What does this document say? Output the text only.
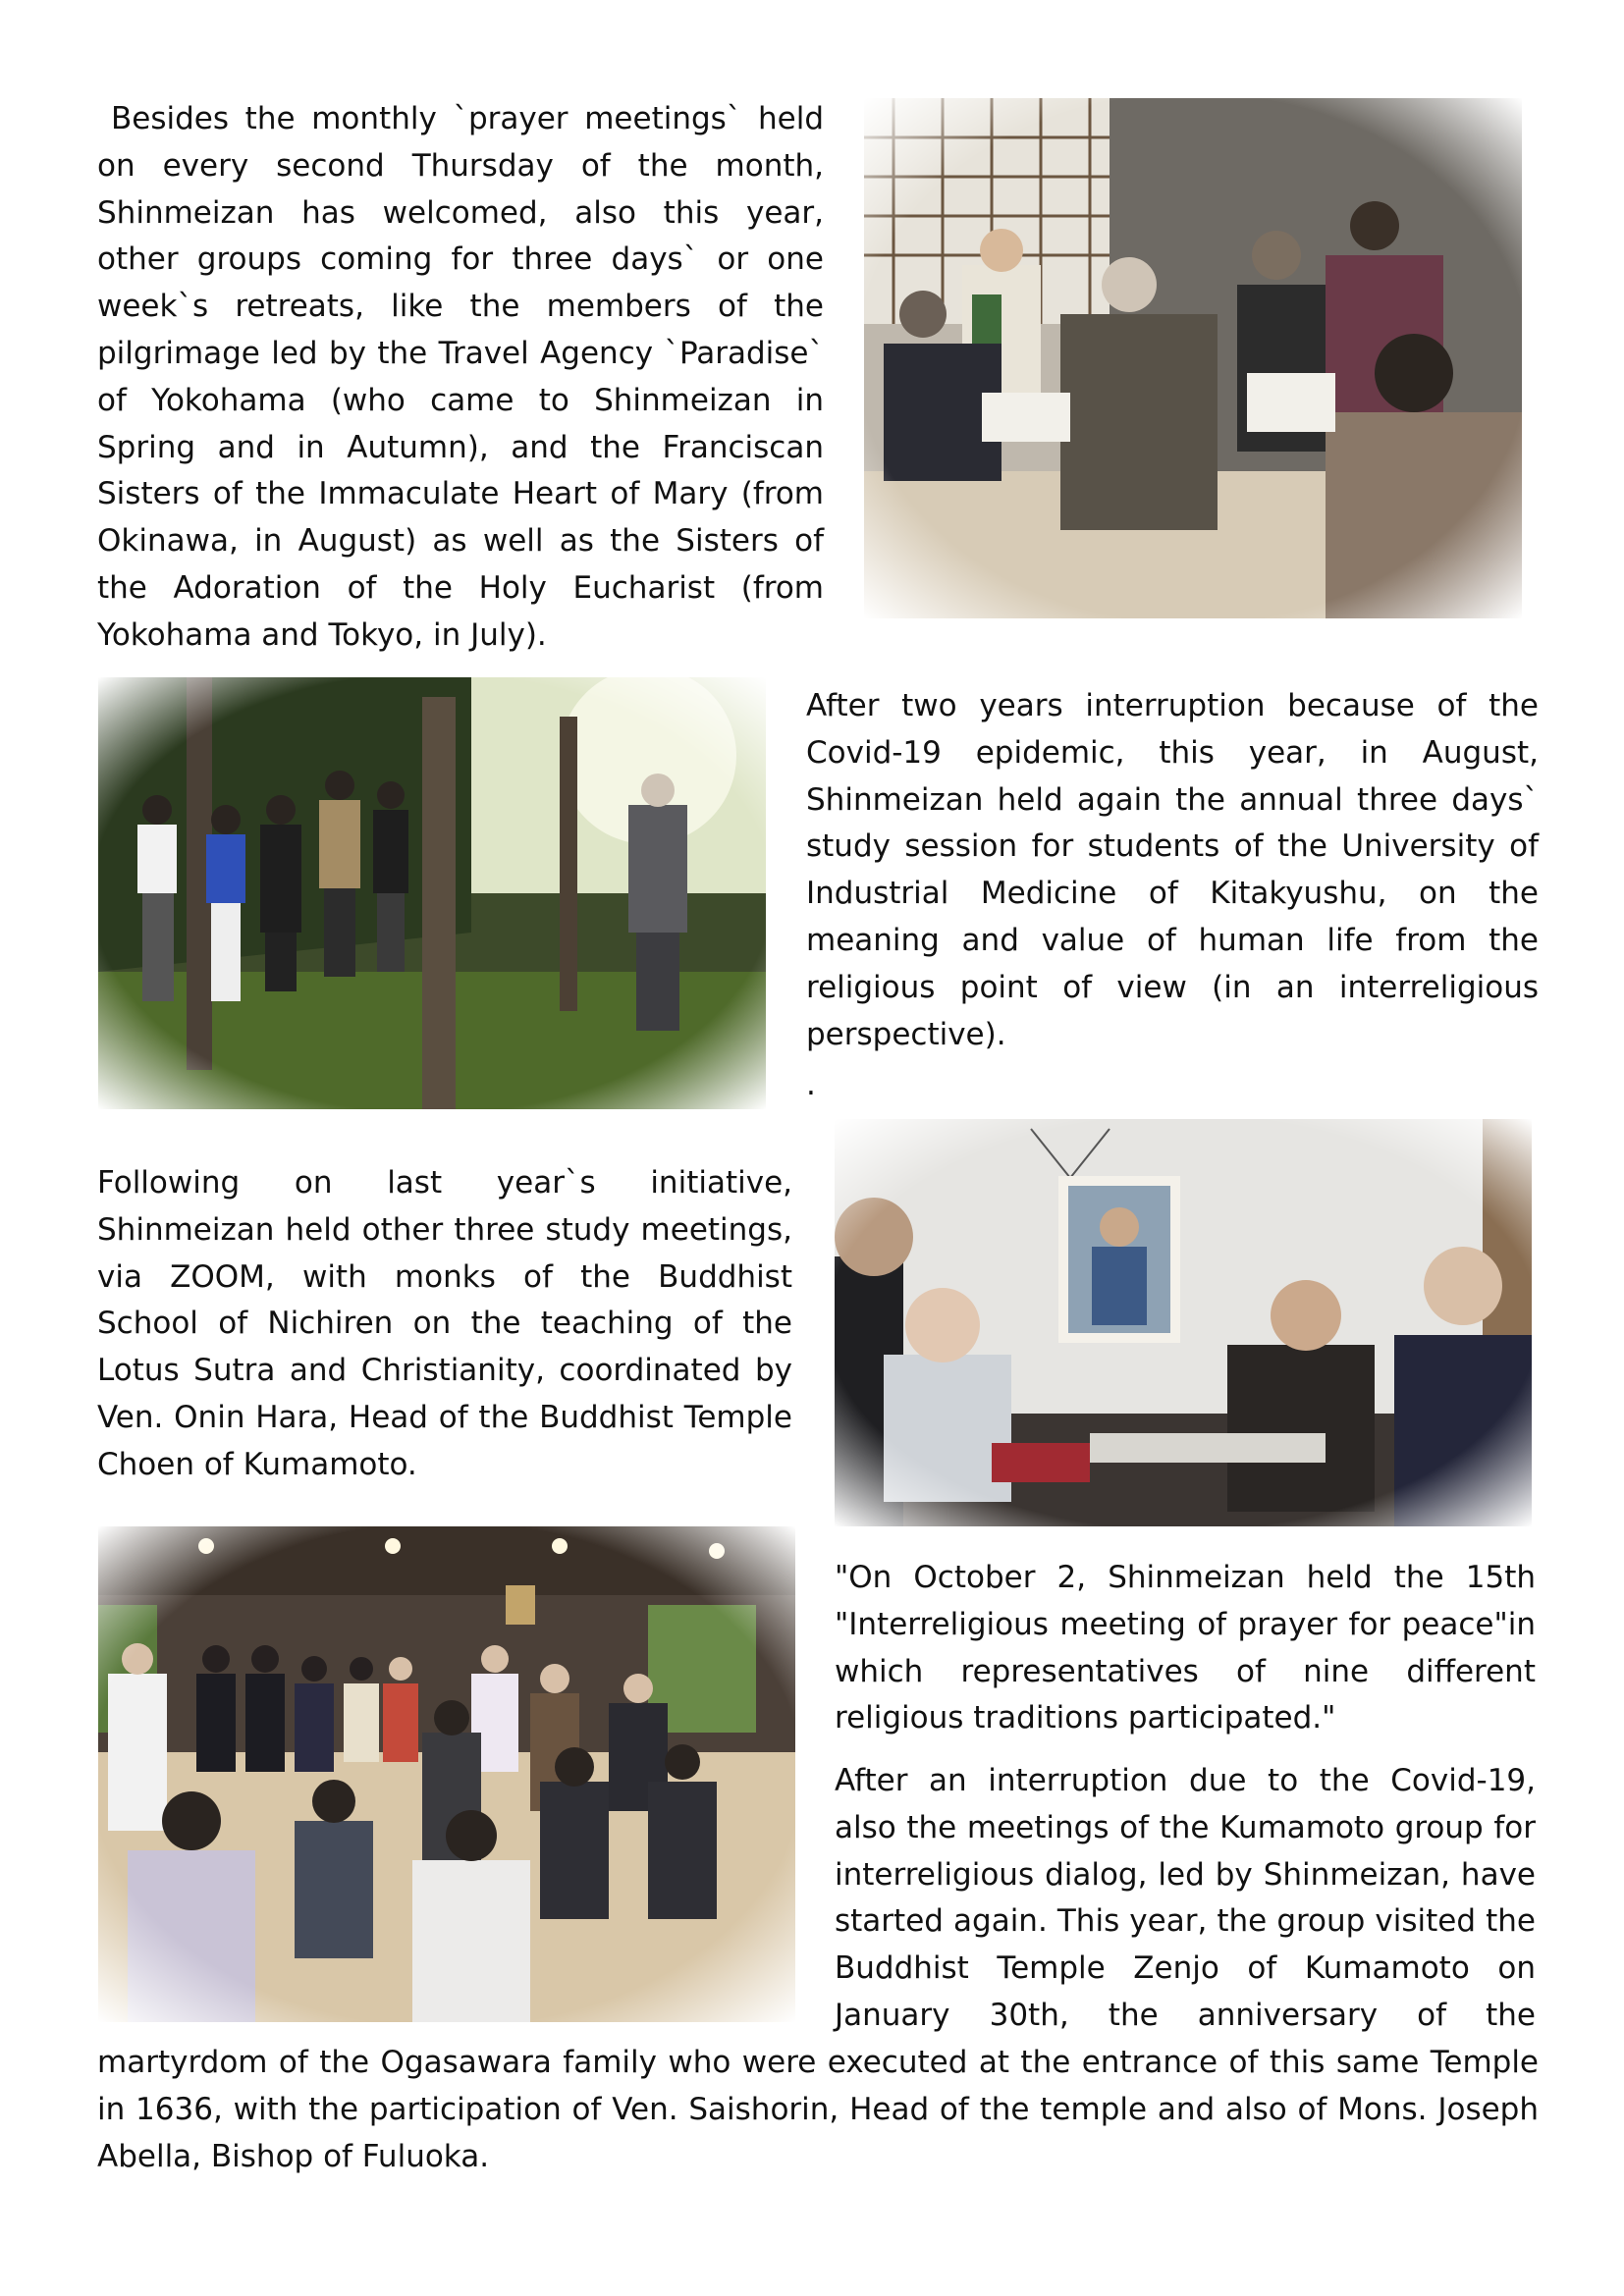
Besides the monthly `prayer meetings` held on every second Thursday of the month, Shinmeizan has welcomed, also this year, other groups coming for three days` or one week`s retreats, like the members of the pilgrimage led by the Travel Agency `Paradise` of Yokohama (who came to Shinmeizan in Spring and in Autumn), and the Franciscan Sisters of the Immaculate Heart of Mary (from Okinawa, in August) as well as the Sisters of the Adoration of the Holy Eucharist (from Yokohama and Tokyo, in July).

After two years interruption because of the Covid-19 epidemic, this year, in August, Shinmeizan held again the annual three days` study session for students of the University of Industrial Medicine of Kitakyushu, on the meaning and value of human life from the religious point of view (in an interreligious perspective).

.

Following on last year`s initiative, Shinmeizan held other three study meetings, via ZOOM, with monks of the Buddhist School of Nichiren on the teaching of the Lotus Sutra and Christianity, coordinated by Ven. Onin Hara, Head of the Buddhist Temple Choen of Kumamoto.

"On October 2, Shinmeizan held the 15th "Interreligious meeting of prayer for peace"in which representatives of nine different religious traditions participated."

After an interruption due to the Covid-19, also the meetings of the Kumamoto group for interreligious dialog, led by Shinmeizan, have started again. This year, the group visited the Buddhist Temple Zenjo of Kumamoto on January 30th, the anniversary of the

martyrdom of the Ogasawara family who were executed at the entrance of this same Temple in 1636, with the participation of Ven. Saishorin, Head of the temple and also of Mons. Joseph Abella, Bishop of Fuluoka.
